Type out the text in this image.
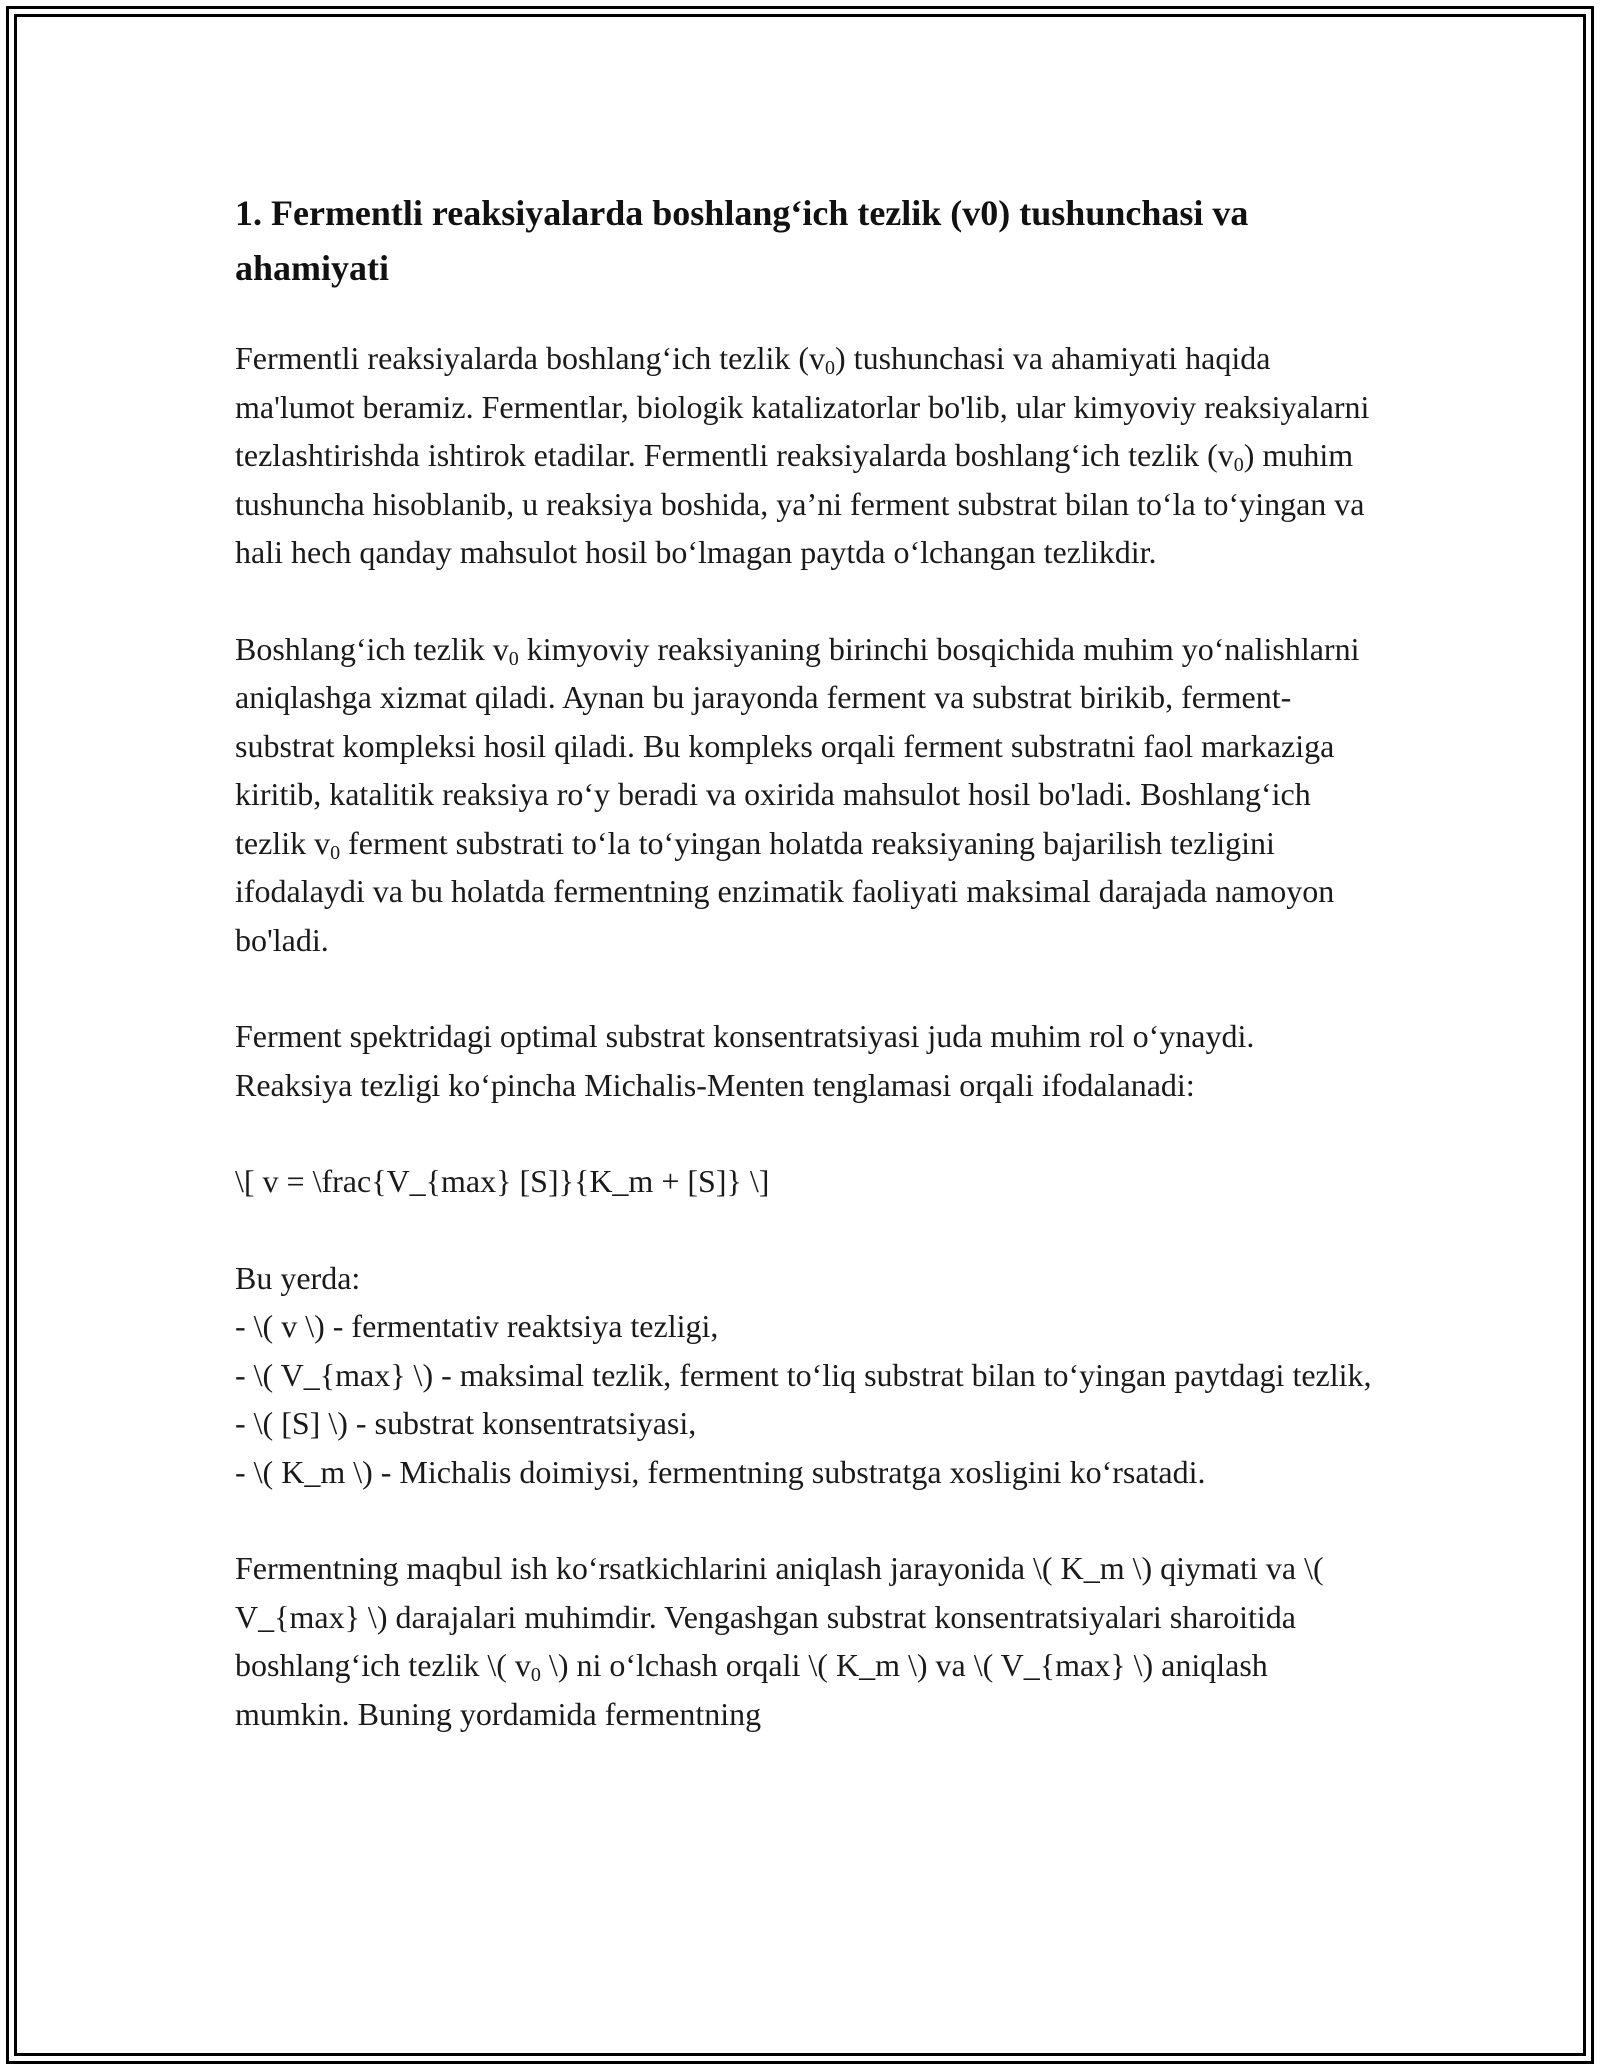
1. Fermentli reaksiyalarda boshlang‘ich tezlik (v0) tushunchasi va ahamiyati

Fermentli reaksiyalarda boshlang‘ich tezlik $(v_0)$ tushunchasi va ahamiyati haqida ma'lumot beramiz. Fermentlar, biologik katalizatorlar bo'lib, ular kimyoviy reaksiyalarni tezlashtirishda ishtirok etadilar. Fermentli reaksiyalarda boshlang‘ich tezlik $(v_0)$ muhim tushuncha hisoblanib, u reaksiya boshida, ya’ni ferment substrat bilan to‘la to‘yingan va hali hech qanday mahsulot hosil bo‘lmagan paytda o‘lchangan tezlikdir.

Boshlang‘ich tezlik $v_0$ kimyoviy reaksiyaning birinchi bosqichida muhim yo‘nalishlarni aniqlashga xizmat qiladi. Aynan bu jarayonda ferment va substrat birikib, ferment-substrat kompleksi hosil qiladi. Bu kompleks orqali ferment substratni faol markaziga kiritib, katalitik reaksiya ro‘y beradi va oxirida mahsulot hosil bo'ladi. Boshlang‘ich tezlik $v_0$ ferment substrati to‘la to‘yingan holatda reaksiyaning bajarilish tezligini ifodalaydi va bu holatda fermentning enzimatik faoliyati maksimal darajada namoyon bo'ladi.

Ferment spektridagi optimal substrat konsentratsiyasi juda muhim rol o‘ynaydi. Reaksiya tezligi ko‘pincha Michalis-Menten tenglamasi orqali ifodalanadi:

\[ v = \frac{V_{max} [S]}{K_m + [S]} \]

Bu yerda:
- \( v \) - fermentativ reaktsiya tezligi,
- \( V_{max} \) - maksimal tezlik, ferment to‘liq substrat bilan to‘yingan paytdagi tezlik,
- \( [S] \) - substrat konsentratsiyasi,
- \( K_m \) - Michalis doimiysi, fermentning substratga xosligini ko‘rsatadi.

Fermentning maqbul ish ko‘rsatkichlarini aniqlash jarayonida \( K_m \) qiymati va \( V_{max} \) darajalari muhimdir. Vengashgan substrat konsentratsiyalari sharoitida boshlang‘ich tezlik \( $v_0$ \) ni o‘lchash orqali \( K_m \) va \( V_{max} \) aniqlash mumkin. Buning yordamida fermentning
